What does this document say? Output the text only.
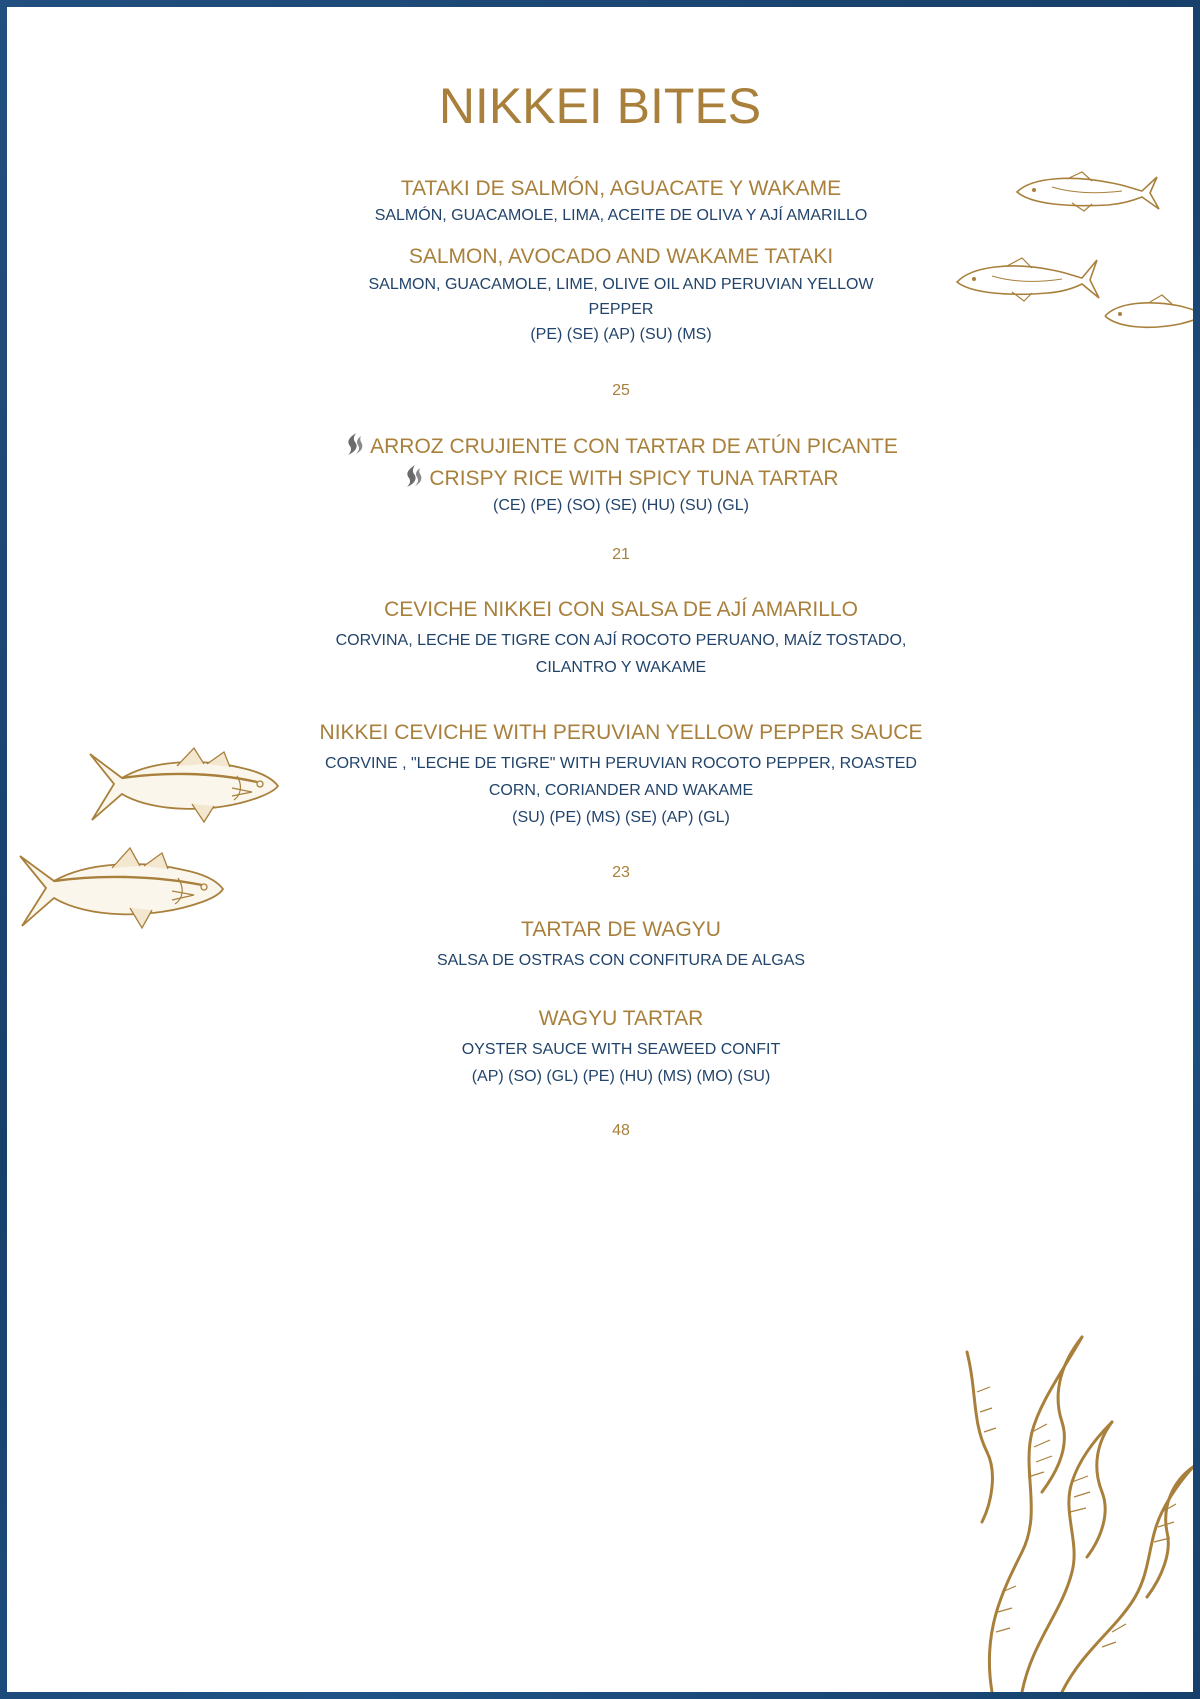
NIKKEI BITES

TATAKI DE SALMÓN, AGUACATE Y WAKAME

SALMÓN, GUACAMOLE, LIMA, ACEITE DE OLIVA Y AJÍ AMARILLO

SALMON, AVOCADO AND WAKAME TATAKI

SALMON, GUACAMOLE, LIME, OLIVE OIL AND PERUVIAN YELLOW

PEPPER

(PE) (SE) (AP) (SU) (MS)

25

ARROZ CRUJIENTE CON TARTAR DE ATÚN PICANTE

CRISPY RICE WITH SPICY TUNA TARTAR

(CE) (PE) (SO) (SE) (HU) (SU) (GL)

21

CEVICHE NIKKEI CON SALSA DE AJÍ AMARILLO

CORVINA, LECHE DE TIGRE CON AJÍ ROCOTO PERUANO, MAÍZ TOSTADO,

CILANTRO Y WAKAME

NIKKEI CEVICHE WITH PERUVIAN YELLOW PEPPER SAUCE

CORVINE , "LECHE DE TIGRE" WITH PERUVIAN ROCOTO PEPPER, ROASTED

CORN, CORIANDER AND WAKAME

(SU) (PE) (MS) (SE) (AP) (GL)

23

TARTAR DE WAGYU

SALSA DE OSTRAS CON CONFITURA DE ALGAS

WAGYU TARTAR

OYSTER SAUCE WITH SEAWEED CONFIT

(AP) (SO) (GL) (PE) (HU) (MS) (MO) (SU)

48
